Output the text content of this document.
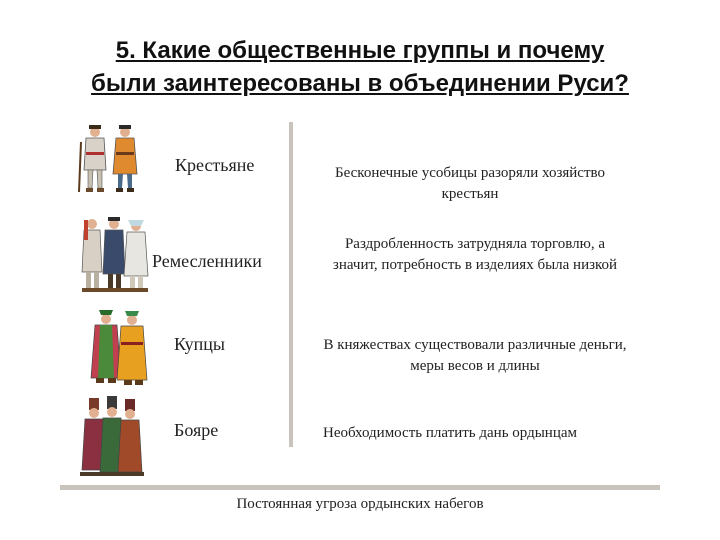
5. Какие общественные группы и почему
были заинтересованы в объединении Руси?
Крестьяне
Ремесленники
Купцы
Бояре
Бесконечные усобицы разоряли хозяйство
крестьян
Раздробленность затрудняла торговлю, а
значит, потребность в изделиях была низкой
В княжествах существовали различные деньги,
меры весов и длины
Необходимость платить дань ордынцам
Постоянная угроза ордынских набегов
